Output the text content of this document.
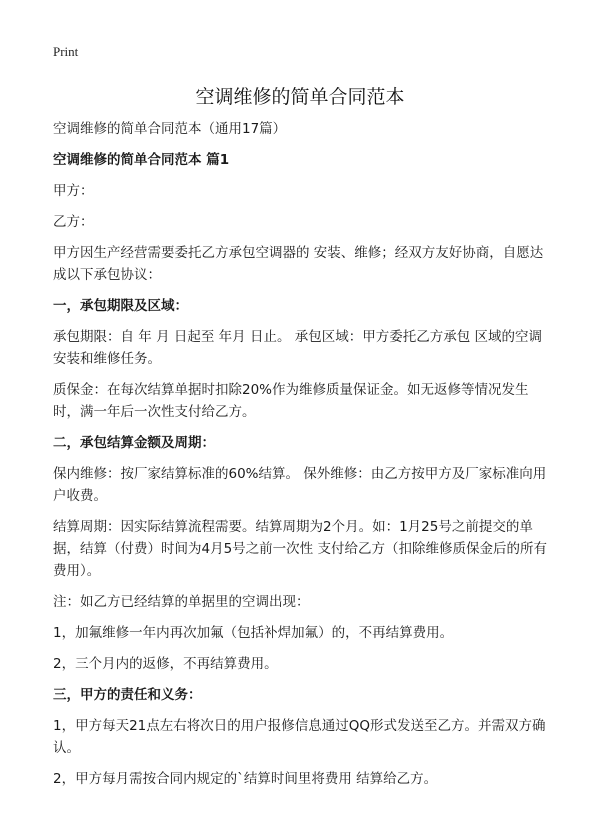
Print
空调维修的简单合同范本

空调维修的简单合同范本（通用17篇）

空调维修的简单合同范本 篇1

甲方：

乙方：

甲方因生产经营需要委托乙方承包空调器的 安装、维修；经双方友好协商，自愿达成以下承包协议：

一，承包期限及区域：

承包期限：自 年 月 日起至 年月 日止。 承包区域：甲方委托乙方承包 区域的空调安装和维修任务。

质保金：在每次结算单据时扣除20%作为维修质量保证金。如无返修等情况发生时，满一年后一次性支付给乙方。

二，承包结算金额及周期：

保内维修：按厂家结算标准的60%结算。 保外维修：由乙方按甲方及厂家标准向用户收费。

结算周期：因实际结算流程需要。结算周期为2个月。如：1月25号之前提交的单据，结算（付费）时间为4月5号之前一次性 支付给乙方（扣除维修质保金后的所有费用）。

注：如乙方已经结算的单据里的空调出现：

1，加氟维修一年内再次加氟（包括补焊加氟）的，不再结算费用。

2，三个月内的返修，不再结算费用。

三，甲方的责任和义务：

1，甲方每天21点左右将次日的用户报修信息通过QQ形式发送至乙方。并需双方确认。

2，甲方每月需按合同内规定的`结算时间里将费用 结算给乙方。
